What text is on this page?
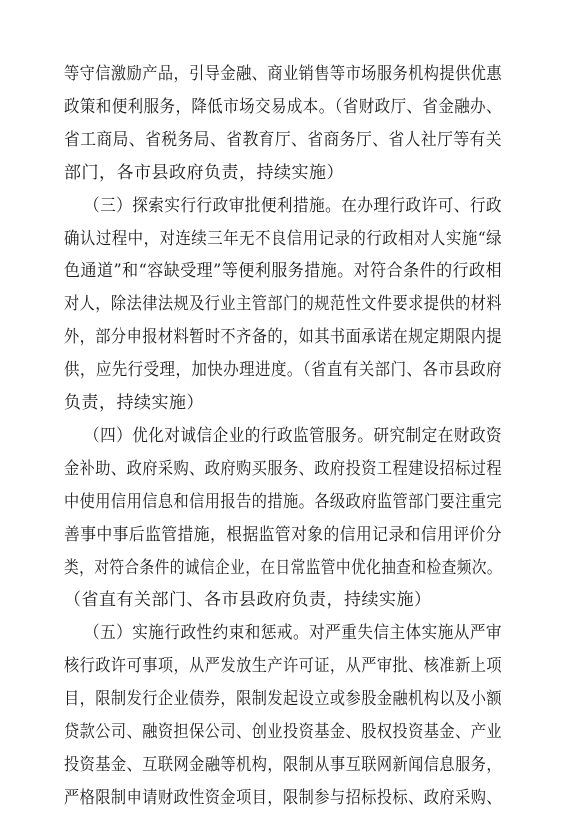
等守信激励产品，引导金融、商业销售等市场服务机构提供优惠
政策和便利服务，降低市场交易成本。（省财政厅、省金融办、
省工商局、省税务局、省教育厅、省商务厅、省人社厅等有关
部门，各市县政府负责，持续实施）
（三）探索实行行政审批便利措施。在办理行政许可、行政
确认过程中，对连续三年无不良信用记录的行政相对人实施“绿
色通道”和“容缺受理”等便利服务措施。对符合条件的行政相
对人，除法律法规及行业主管部门的规范性文件要求提供的材料
外，部分申报材料暂时不齐备的，如其书面承诺在规定期限内提
供，应先行受理，加快办理进度。（省直有关部门、各市县政府
负责，持续实施）
（四）优化对诚信企业的行政监管服务。研究制定在财政资
金补助、政府采购、政府购买服务、政府投资工程建设招标过程
中使用信用信息和信用报告的措施。各级政府监管部门要注重完
善事中事后监管措施，根据监管对象的信用记录和信用评价分
类，对符合条件的诚信企业，在日常监管中优化抽查和检查频次。
（省直有关部门、各市县政府负责，持续实施）
（五）实施行政性约束和惩戒。对严重失信主体实施从严审
核行政许可事项，从严发放生产许可证，从严审批、核准新上项
目，限制发行企业债券，限制发起设立或参股金融机构以及小额
贷款公司、融资担保公司、创业投资基金、股权投资基金、产业
投资基金、互联网金融等机构，限制从事互联网新闻信息服务，
严格限制申请财政性资金项目，限制参与招标投标、政府采购、
